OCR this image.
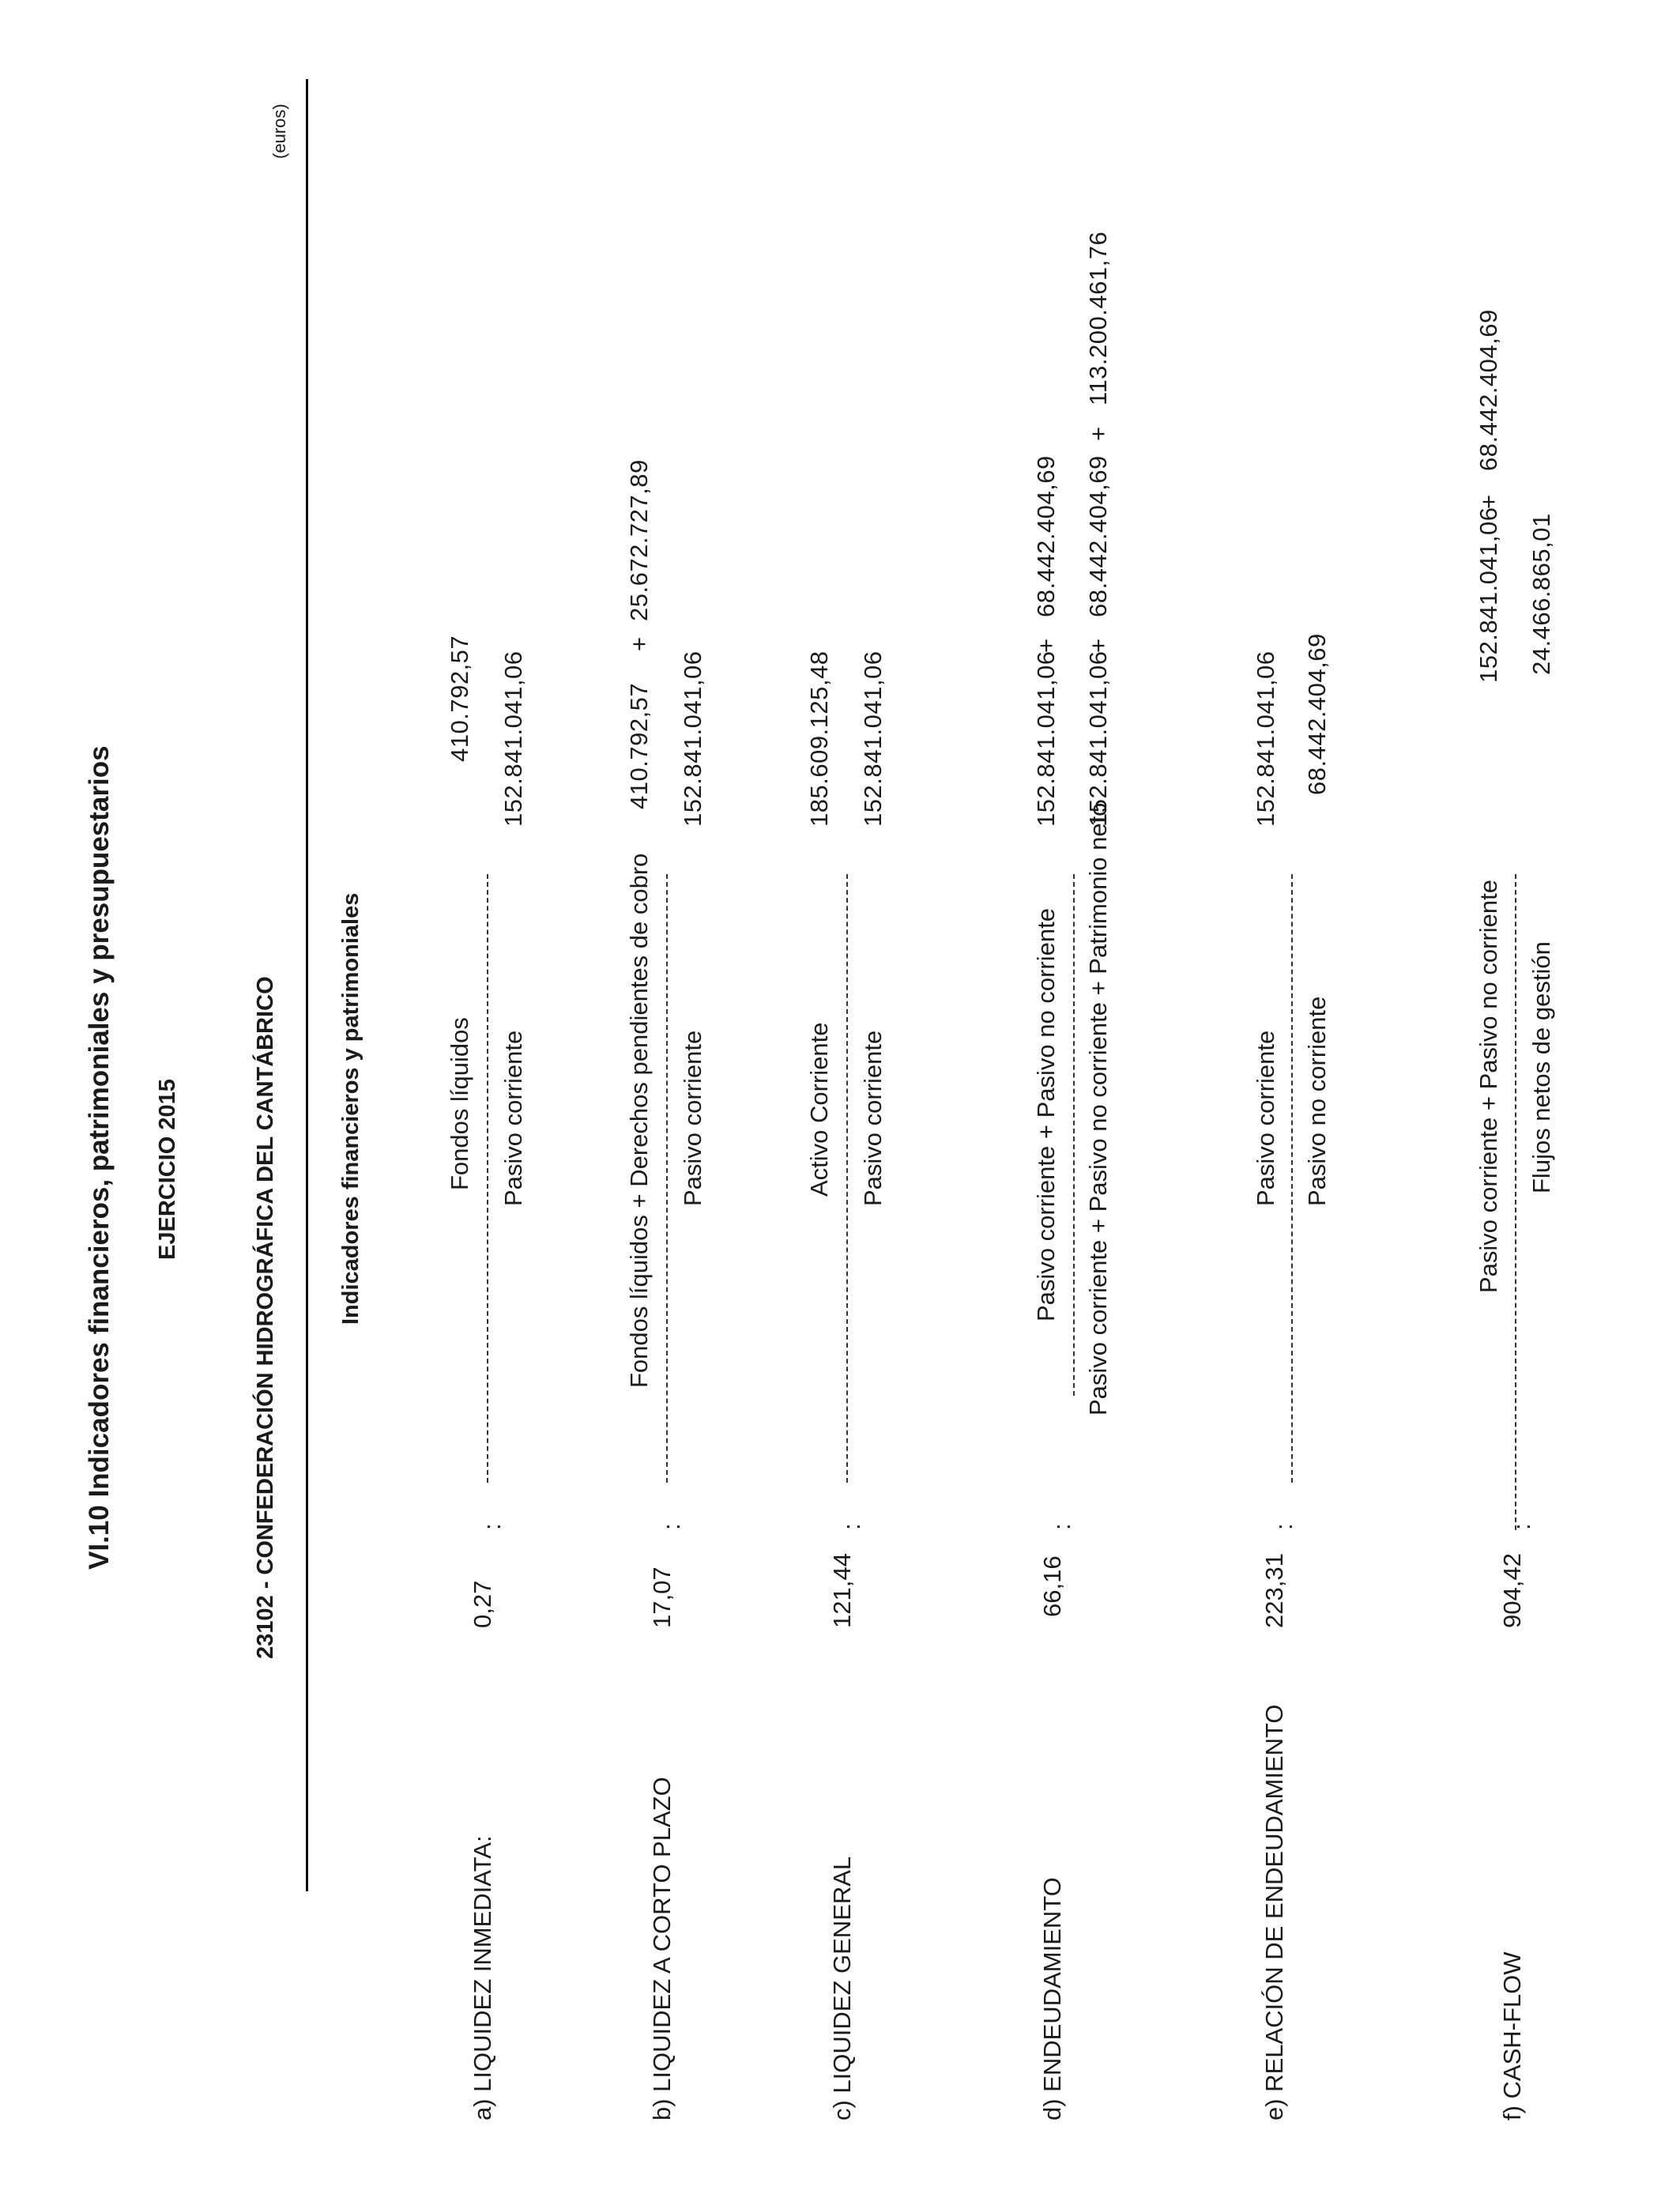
VI.10 Indicadores financieros, patrimoniales y presupuestarios EJERCICIO 2015	23102 - CONFEDERACIÓN HIDROGRÁFICA DEL CANTÁBRICO
(euros)
Indicadores financieros y patrimoniales
a) LIQUIDEZ INMEDIATA:
0,27
:
Fondos líquidos Pasivo corriente
410.792,57 152.841.041,06
b) LIQUIDEZ A CORTO PLAZO
17,07
:
Fondos líquidos + Derechos pendientes de cobro Pasivo corriente
410.792,57
+
25.672.727,89
152.841.041,06
c) LIQUIDEZ GENERAL
121,44
:
Activo Corriente Pasivo corriente
185.609.125,48 152.841.041,06
d) ENDEUDAMIENTO
66,16
:
Pasivo corriente + Pasivo no corriente Pasivo corriente + Pasivo no corriente + Patrimonio neto
152.841.041,06
+
68.442.404,69
152.841.041,06
+
68.442.404,69
+
113.200.461,76
e) RELACIÓN DE ENDEUDAMIENTO
223,31
:
Pasivo corriente Pasivo no corriente
152.841.041,06 68.442.404,69
f) CASH-FLOW
904,42
:
Pasivo corriente + Pasivo no corriente Flujos netos de gestión
152.841.041,06
+
68.442.404,69
24.466.865,01
